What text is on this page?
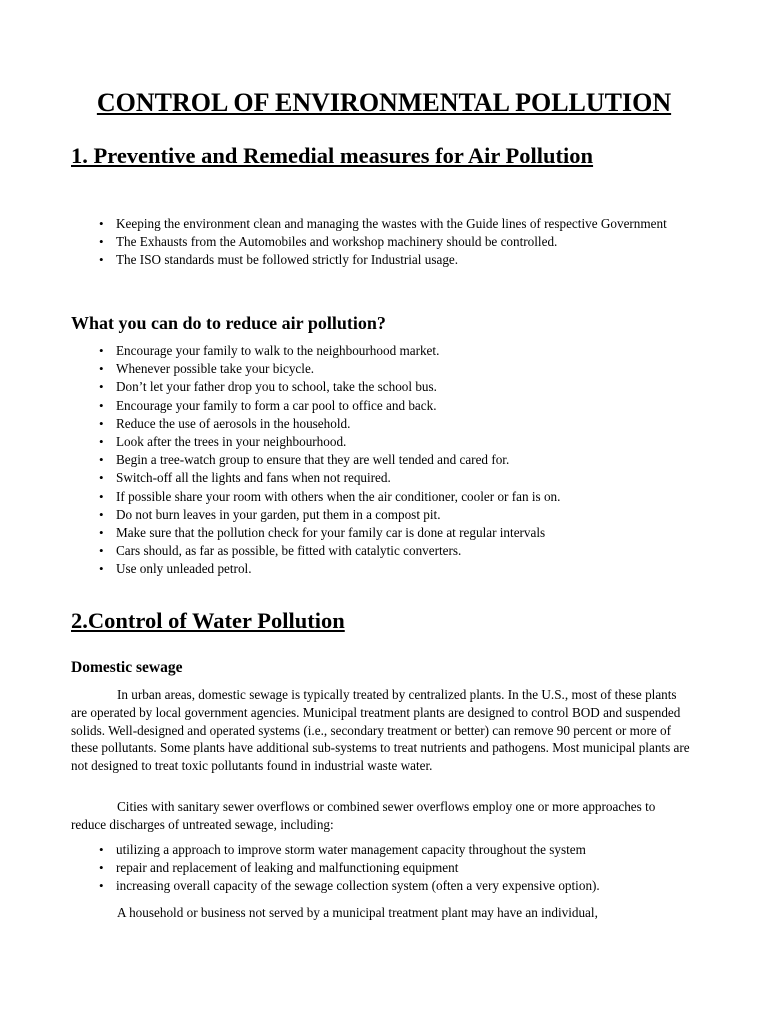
CONTROL OF ENVIRONMENTAL POLLUTION
1. Preventive and Remedial measures for Air Pollution
• Keeping the environment clean and managing the wastes with the Guide lines of respective Government
• The Exhausts from the Automobiles and workshop machinery should be controlled.
• The ISO standards must be followed strictly for Industrial usage.
What you can do to reduce air pollution?
• Encourage your family to walk to the neighbourhood market.
• Whenever possible take your bicycle.
• Don’t let your father drop you to school, take the school bus.
• Encourage your family to form a car pool to office and back.
• Reduce the use of aerosols in the household.
• Look after the trees in your neighbourhood.
• Begin a tree-watch group to ensure that they are well tended and cared for.
• Switch-off all the lights and fans when not required.
• If possible share your room with others when the air conditioner, cooler or fan is on.
• Do not burn leaves in your garden, put them in a compost pit.
• Make sure that the pollution check for your family car is done at regular intervals
• Cars should, as far as possible, be fitted with catalytic converters.
• Use only unleaded petrol.
2.Control of Water Pollution
Domestic sewage

In urban areas, domestic sewage is typically treated by centralized plants. In the U.S., most of these plants are operated by local government agencies. Municipal treatment plants are designed to control BOD and suspended solids. Well-designed and operated systems (i.e., secondary treatment or better) can remove 90 percent or more of these pollutants. Some plants have additional sub-systems to treat nutrients and pathogens. Most municipal plants are not designed to treat toxic pollutants found in industrial waste water.

Cities with sanitary sewer overflows or combined sewer overflows employ one or more approaches to reduce discharges of untreated sewage, including:

• utilizing a approach to improve storm water management capacity throughout the system
• repair and replacement of leaking and malfunctioning equipment
• increasing overall capacity of the sewage collection system (often a very expensive option).

A household or business not served by a municipal treatment plant may have an individual,
